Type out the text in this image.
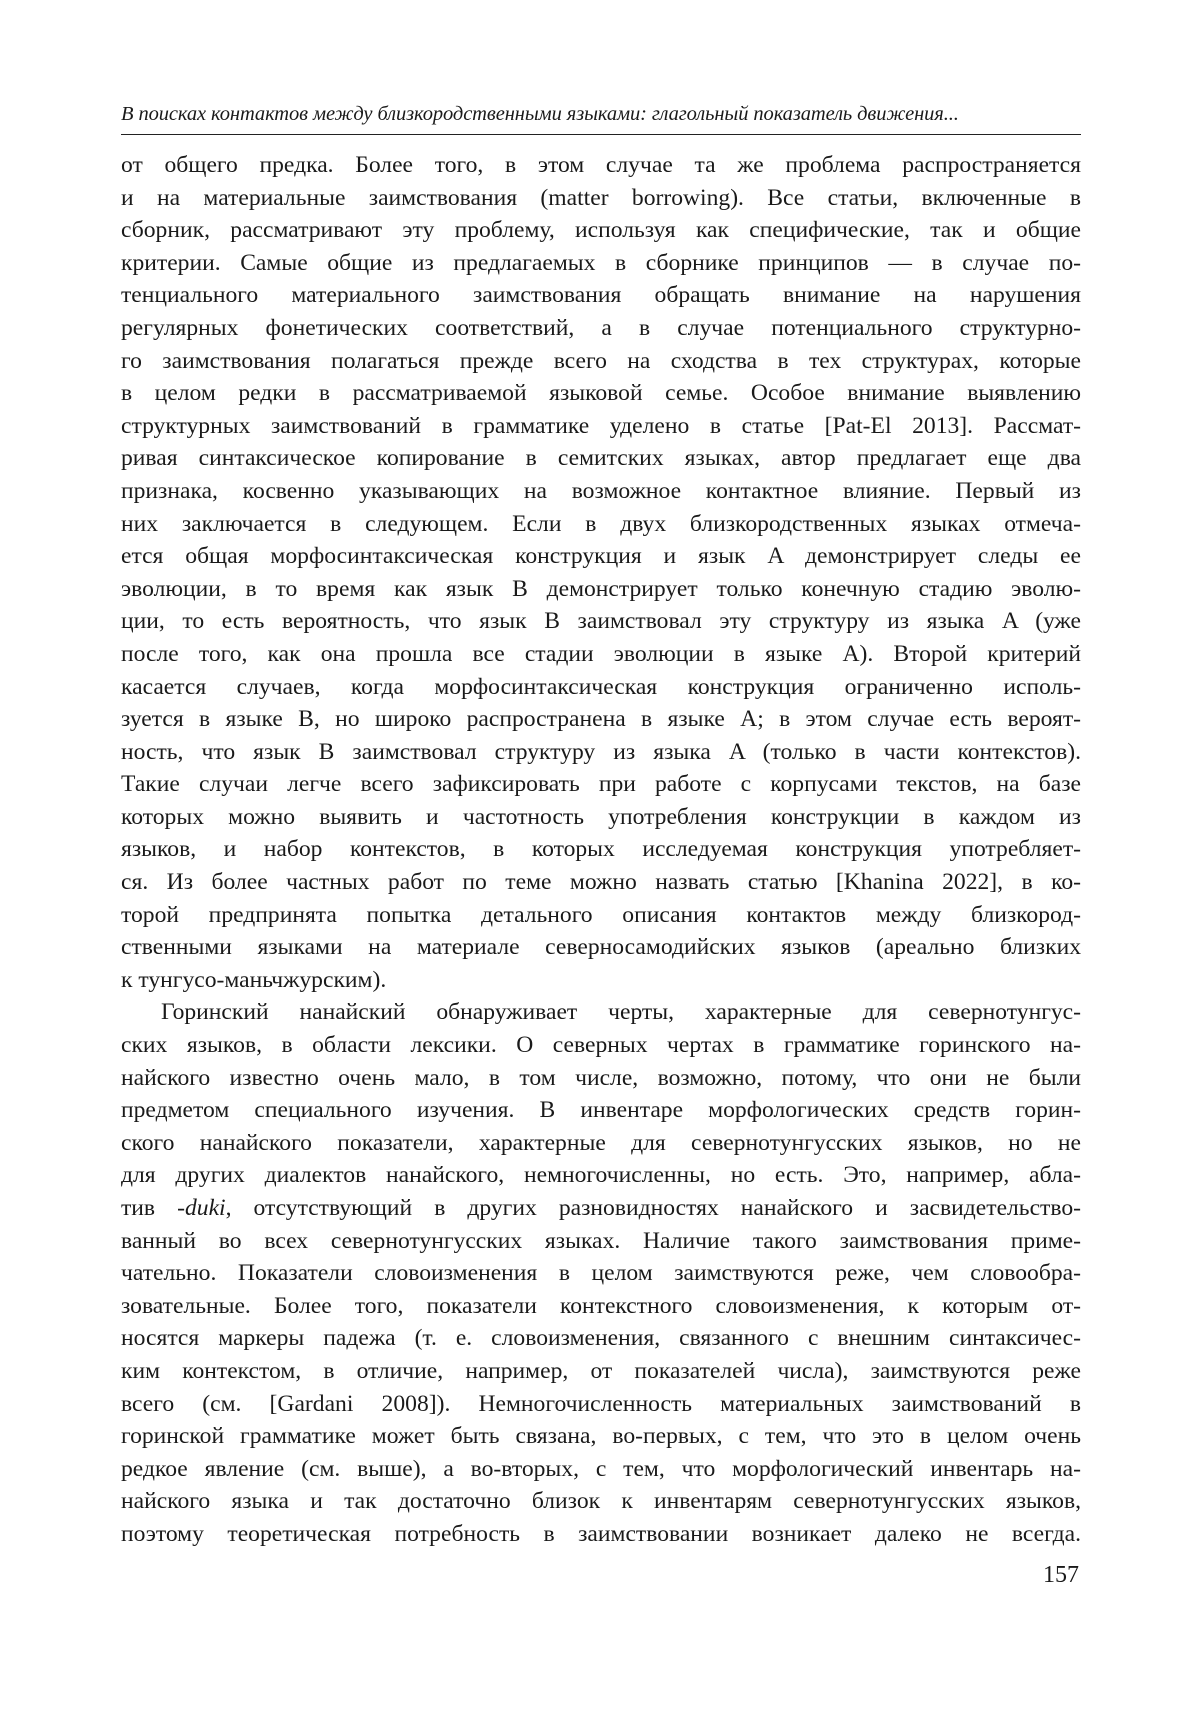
В поисках контактов между близкородственными языками: глагольный показатель движения...
от общего предка. Более того, в этом случае та же проблема распространяется
и на материальные заимствования (matter borrowing). Все статьи, включенные в
сборник, рассматривают эту проблему, используя как специфические, так и общие
критерии. Самые общие из предлагаемых в сборнике принципов — в случае по-
тенциального материального заимствования обращать внимание на нарушения
регулярных фонетических соответствий, а в случае потенциального структурно-
го заимствования полагаться прежде всего на сходства в тех структурах, которые
в целом редки в рассматриваемой языковой семье. Особое внимание выявлению
структурных заимствований в грамматике уделено в статье [Pat-El 2013]. Рассмат-
ривая синтаксическое копирование в семитских языках, автор предлагает еще два
признака, косвенно указывающих на возможное контактное влияние. Первый из
них заключается в следующем. Если в двух близкородственных языках отмеча-
ется общая морфосинтаксическая конструкция и язык A демонстрирует следы ее
эволюции, в то время как язык B демонстрирует только конечную стадию эволю-
ции, то есть вероятность, что язык B заимствовал эту структуру из языка A (уже
после того, как она прошла все стадии эволюции в языке A). Второй критерий
касается случаев, когда морфосинтаксическая конструкция ограниченно исполь-
зуется в языке B, но широко распространена в языке A; в этом случае есть вероят-
ность, что язык B заимствовал структуру из языка A (только в части контекстов).
Такие случаи легче всего зафиксировать при работе с корпусами текстов, на базе
которых можно выявить и частотность употребления конструкции в каждом из
языков, и набор контекстов, в которых исследуемая конструкция употребляет-
ся. Из более частных работ по теме можно назвать статью [Khanina 2022], в ко-
торой предпринята попытка детального описания контактов между близкород-
ственными языками на материале северносамодийских языков (ареально близких
к тунгусо-маньчжурским).
Горинский нанайский обнаруживает черты, характерные для севернотунгус-
ских языков, в области лексики. О северных чертах в грамматике горинского на-
найского известно очень мало, в том числе, возможно, потому, что они не были
предметом специального изучения. В инвентаре морфологических средств горин-
ского нанайского показатели, характерные для севернотунгусских языков, но не
для других диалектов нанайского, немногочисленны, но есть. Это, например, абла-
тив -duki, отсутствующий в других разновидностях нанайского и засвидетельство-
ванный во всех севернотунгусских языках. Наличие такого заимствования приме-
чательно. Показатели словоизменения в целом заимствуются реже, чем словообра-
зовательные. Более того, показатели контекстного словоизменения, к которым от-
носятся маркеры падежа (т. е. словоизменения, связанного с внешним синтаксичес-
ким контекстом, в отличие, например, от показателей числа), заимствуются реже
всего (см. [Gardani 2008]). Немногочисленность материальных заимствований в
горинской грамматике может быть связана, во-первых, с тем, что это в целом очень
редкое явление (см. выше), а во-вторых, с тем, что морфологический инвентарь на-
найского языка и так достаточно близок к инвентарям севернотунгусских языков,
поэтому теоретическая потребность в заимствовании возникает далеко не всегда.
157
